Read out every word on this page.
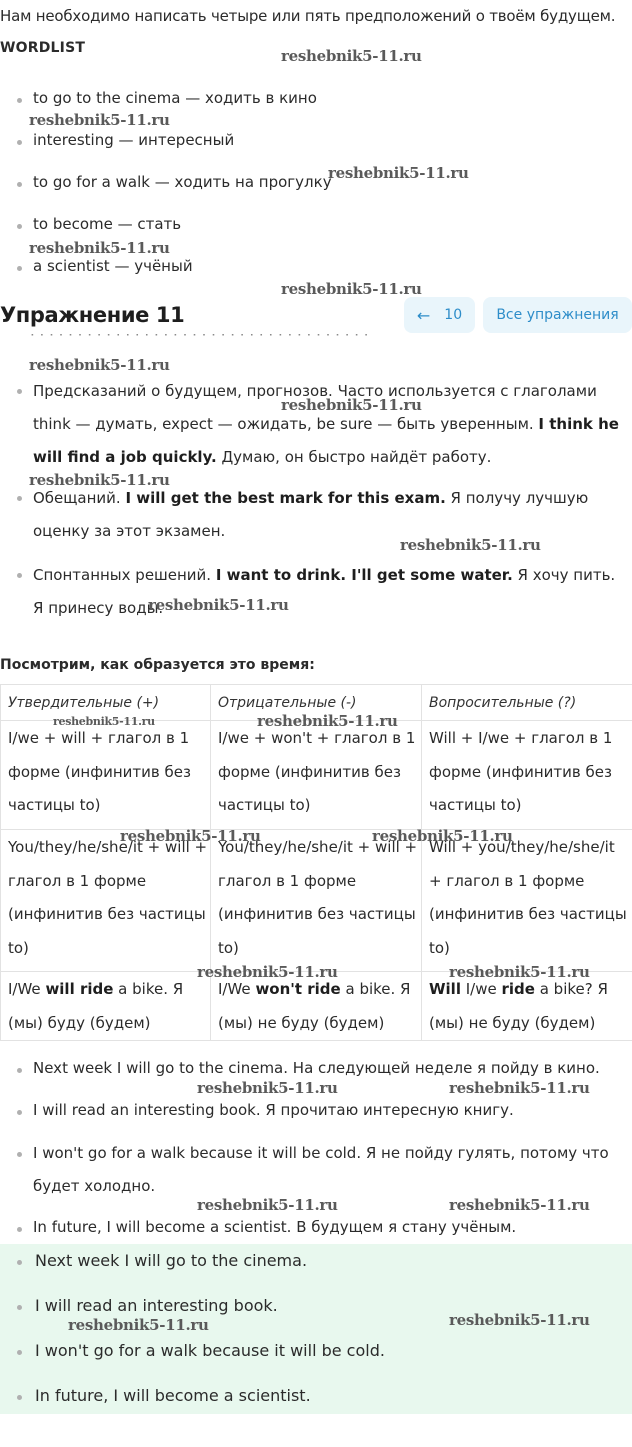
Нам необходимо написать четыре или пять предположений о твоём будущем.
WORDLIST
to go to the cinema — ходить в кино
interesting — интересный
to go for a walk — ходить на прогулку
to become — стать
a scientist — учёный
Упражнение 11	← 10	Все упражнения
· · · · · · · · · · · · · · · · · · · · · · · · · · · · · · · · · · · ·
Предсказаний о будущем, прогнозов. Часто используется с глаголами think — думать, expect — ожидать, be sure — быть уверенным. I think he will find a job quickly. Думаю, он быстро найдёт работу.
Обещаний. I will get the best mark for this exam. Я получу лучшую оценку за этот экзамен.
Спонтанных решений. I want to drink. I'll get some water. Я хочу пить. Я принесу воды.
Посмотрим, как образуется это время:
Утвердительные (+)	Отрицательные (-)	Вопросительные (?)
I/we + will + глагол в 1 форме (инфинитив без частицы to)	I/we + won't + глагол в 1 форме (инфинитив без частицы to)	Will + I/we + глагол в 1 форме (инфинитив без частицы to)
You/they/he/she/it + will + глагол в 1 форме (инфинитив без частицы to)	You/they/he/she/it + will + глагол в 1 форме (инфинитив без частицы to)	Will + you/they/he/she/it + глагол в 1 форме (инфинитив без частицы to)
I/We will ride a bike. Я (мы) буду (будем)	I/We won't ride a bike. Я (мы) не буду (будем)	Will I/we ride a bike? Я (мы) не буду (будем)
Next week I will go to the cinema. На следующей неделе я пойду в кино.
I will read an interesting book. Я прочитаю интересную книгу.
I won't go for a walk because it will be cold. Я не пойду гулять, потому что будет холодно.
In future, I will become a scientist. В будущем я стану учёным.
Next week I will go to the cinema.
I will read an interesting book.
I won't go for a walk because it will be cold.
In future, I will become a scientist.
reshebnik5-11.ru
reshebnik5-11.ru
reshebnik5-11.ru
reshebnik5-11.ru
reshebnik5-11.ru
reshebnik5-11.ru
reshebnik5-11.ru
reshebnik5-11.ru
reshebnik5-11.ru
reshebnik5-11.ru
reshebnik5-11.ru	reshebnik5-11.ru
reshebnik5-11.ru	reshebnik5-11.ru
reshebnik5-11.ru	reshebnik5-11.ru
reshebnik5-11.ru	reshebnik5-11.ru
reshebnik5-11.ru	reshebnik5-11.ru
reshebnik5-11.ru	reshebnik5-11.ru
